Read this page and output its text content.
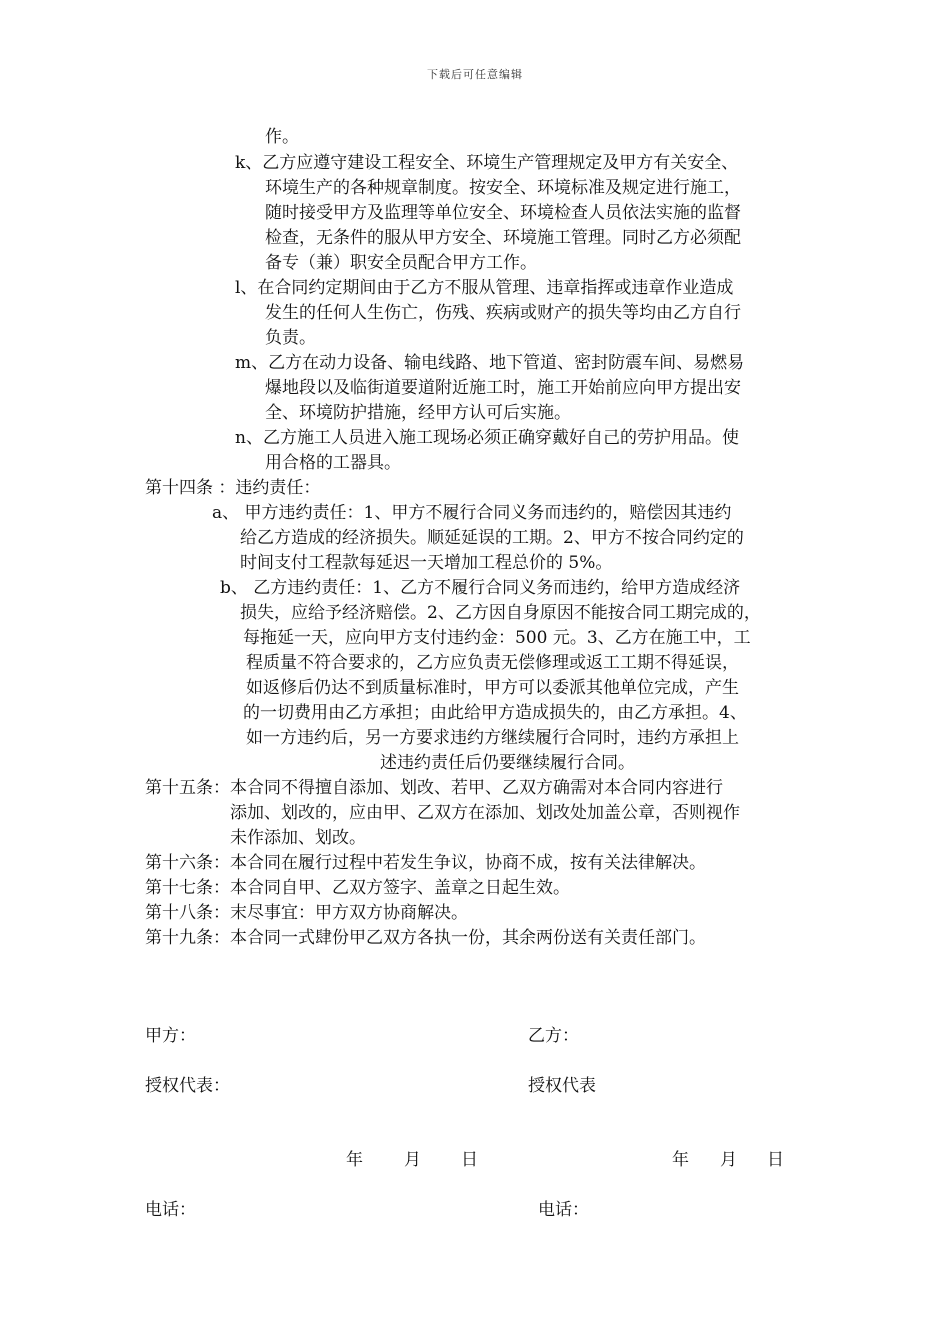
下载后可任意编辑
作。
k、乙方应遵守建设工程安全、环境生产管理规定及甲方有关安全、
环境生产的各种规章制度。按安全、环境标准及规定进行施工，
随时接受甲方及监理等单位安全、环境检查人员依法实施的监督
检查，无条件的服从甲方安全、环境施工管理。同时乙方必须配
备专（兼）职安全员配合甲方工作。
l、在合同约定期间由于乙方不服从管理、违章指挥或违章作业造成
发生的任何人生伤亡，伤残、疾病或财产的损失等均由乙方自行
负责。
m、乙方在动力设备、输电线路、地下管道、密封防震车间、易燃易
爆地段以及临街道要道附近施工时，施工开始前应向甲方提出安
全、环境防护措施，经甲方认可后实施。
n、乙方施工人员进入施工现场必须正确穿戴好自己的劳护用品。使
用合格的工器具。
第十四条 ：违约责任：
a、 甲方违约责任：1、甲方不履行合同义务而违约的，赔偿因其违约
给乙方造成的经济损失。顺延延误的工期。2、甲方不按合同约定的
时间支付工程款每延迟一天增加工程总价的 5%。
b、 乙方违约责任：1、乙方不履行合同义务而违约，给甲方造成经济
损失，应给予经济赔偿。2、乙方因自身原因不能按合同工期完成的，
每拖延一天，应向甲方支付违约金：500 元。3、乙方在施工中，工
程质量不符合要求的，乙方应负责无偿修理或返工工期不得延误，
如返修后仍达不到质量标准时，甲方可以委派其他单位完成，产生
的一切费用由乙方承担；由此给甲方造成损失的，由乙方承担。4、
如一方违约后，另一方要求违约方继续履行合同时，违约方承担上
述违约责任后仍要继续履行合同。
第十五条：本合同不得擅自添加、划改、若甲、乙双方确需对本合同内容进行
添加、划改的，应由甲、乙双方在添加、划改处加盖公章，否则视作
未作添加、划改。
第十六条：本合同在履行过程中若发生争议，协商不成，按有关法律解决。
第十七条：本合同自甲、乙双方签字、盖章之日起生效。
第十八条：末尽事宜：甲方双方协商解决。
第十九条：本合同一式肆份甲乙双方各执一份，其余两份送有关责任部门。
甲方：	乙方：
授权代表：	授权代表
年 月 日	年 月 日
电话：	电话：
